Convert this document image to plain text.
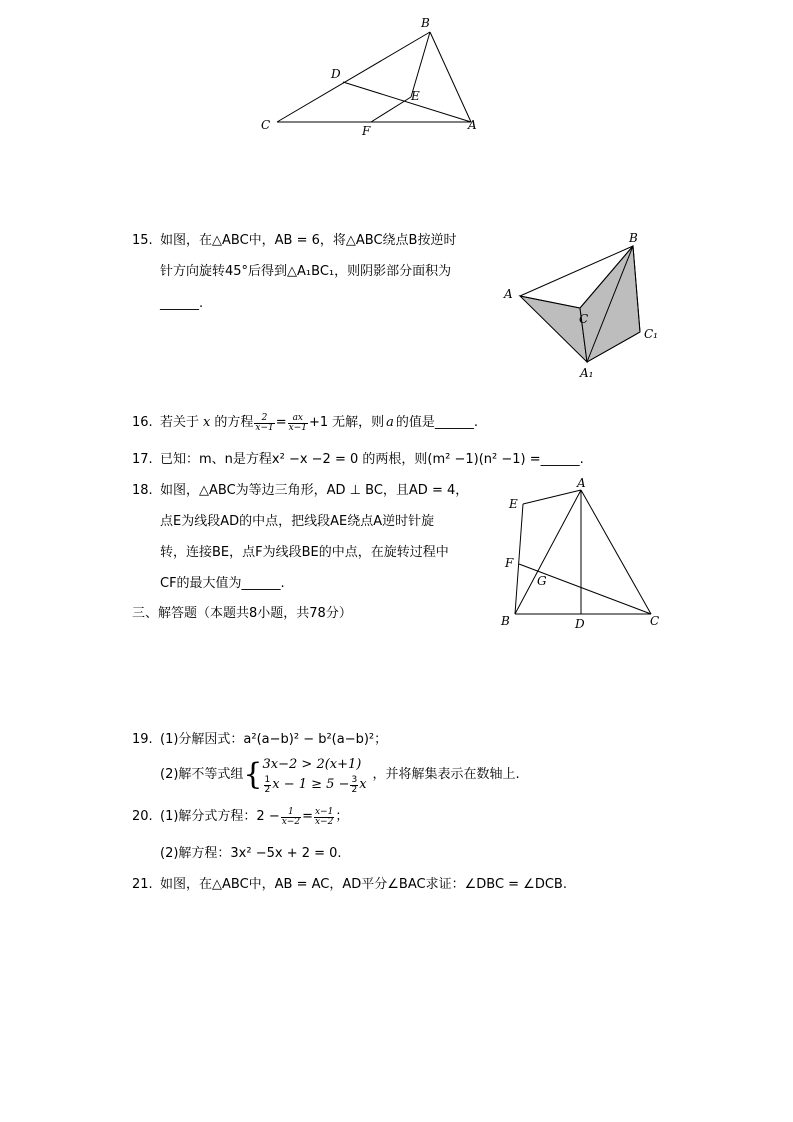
B
D
E
C	F	A
15. 如图，在△ABC中，AB = 6，将△ABC绕点B按逆时
针方向旋转45°后得到△A₁BC₁，则阴影部分面积为
______.
B
A
C
C₁
A₁
16. 若关于 x 的方程 $\frac{2}{x-1} = \frac{ax}{x-1} +1$ 无解，则 a 的值是______.
17. 已知：m、n是方程x² −x −2 = 0 的两根，则(m² −1)(n² −1) =______.
18. 如图，△ABC为等边三角形，AD ⊥ BC，且AD = 4，
点E为线段AD的中点，把线段AE绕点A逆时针旋
转，连接BE，点F为线段BE的中点，在旋转过程中
CF的最大值为______.
A
E
F
G
B	D	C
三、解答题（本题共8小题，共78分）
19. (1)分解因式：a²(a−b)² − b²(a−b)²；
(2)解不等式组 { 3x−2 > 2(x+1)
$\frac{1}{2}$ $x - 1 \ge 5 - \frac{3}{2}$ x
，并将解集表示在数轴上.
20. (1)解分式方程：$2 - \frac{1}{x-2} = \frac{x-1}{x-2}$ ；
(2)解方程：3x² −5x + 2 = 0.
21. 如图，在△ABC中，AB = AC，AD平分∠BAC求证：∠DBC = ∠DCB.
